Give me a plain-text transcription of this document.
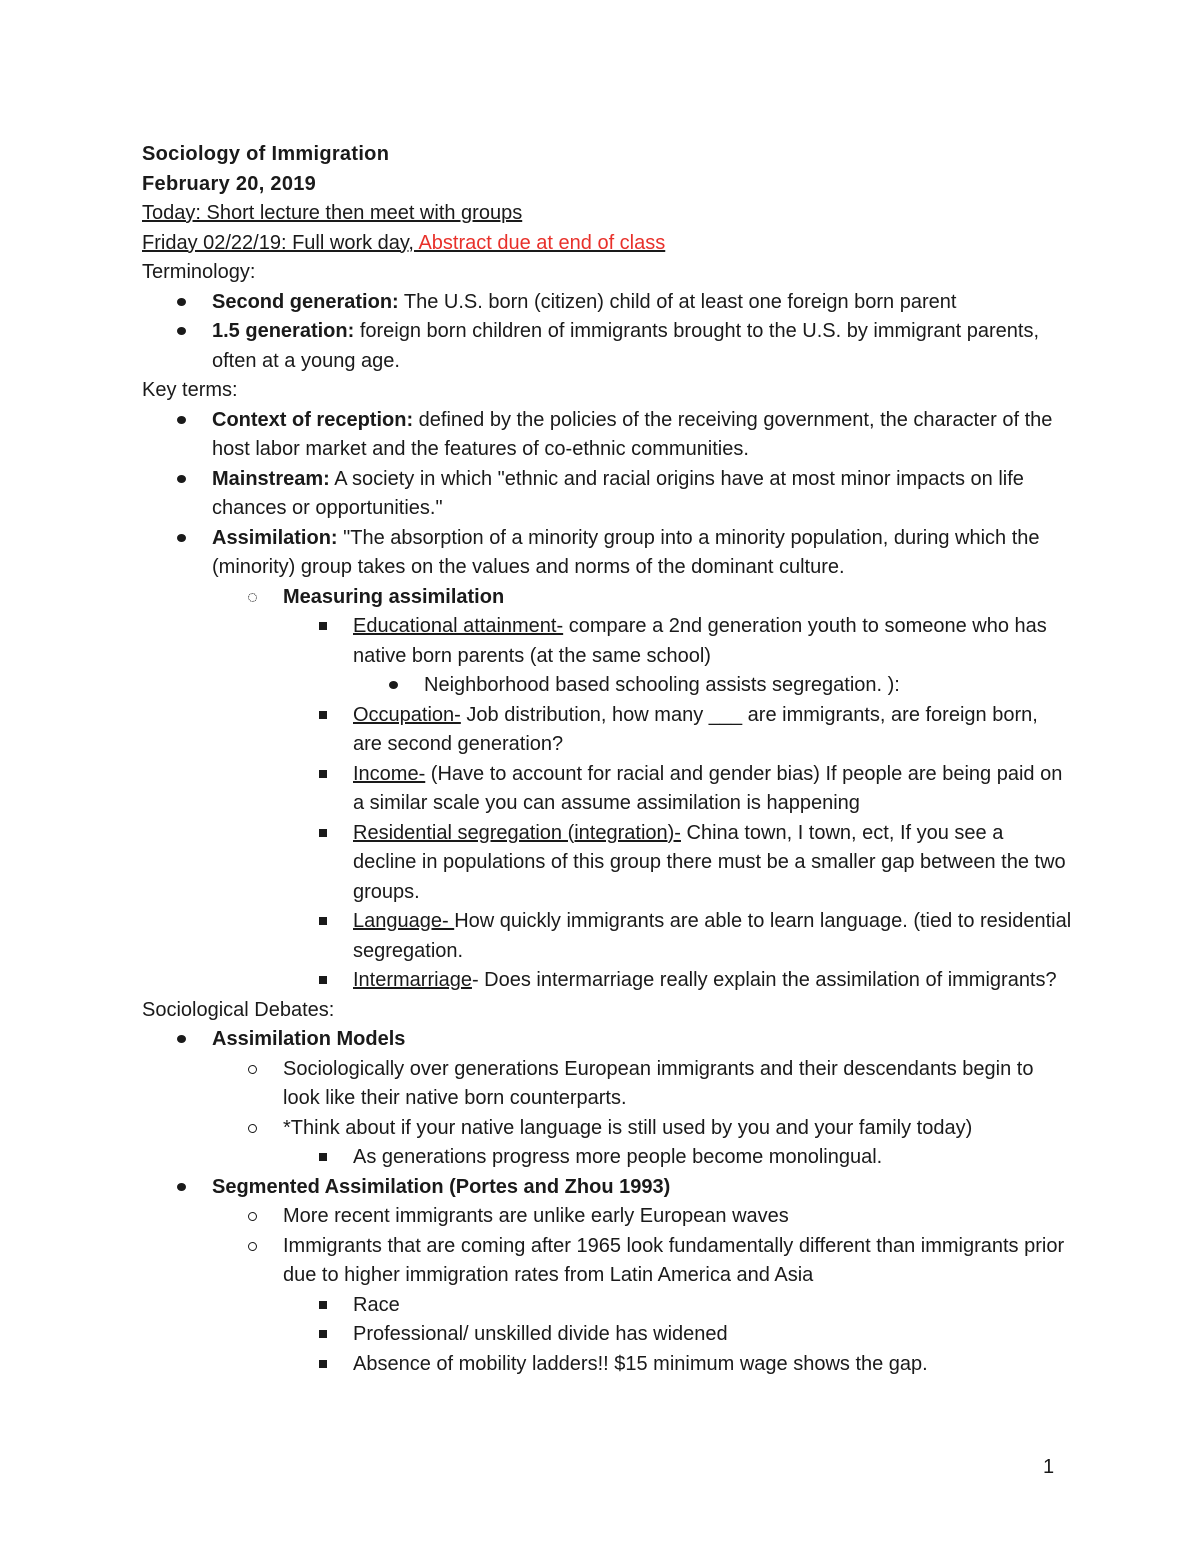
Sociology of Immigration

February 20, 2019

Today: Short lecture then meet with groups

Friday 02/22/19: Full work day, Abstract due at end of class

Terminology:

Second generation: The U.S. born (citizen) child of at least one foreign born parent
1.5 generation: foreign born children of immigrants brought to the U.S. by immigrant parents, often at a young age.

Key terms:

Context of reception: defined by the policies of the receiving government, the character of the host labor market and the features of co-ethnic communities.
Mainstream: A society in which "ethnic and racial origins have at most minor impacts on life chances or opportunities."
Assimilation: "The absorption of a minority group into a minority population, during which the (minority) group takes on the values and norms of the dominant culture.
Measuring assimilation
Educational attainment- compare a 2nd generation youth to someone who has native born parents (at the same school)
Neighborhood based schooling assists segregation. ):
Occupation- Job distribution, how many ___ are immigrants, are foreign born, are second generation?
Income- (Have to account for racial and gender bias) If people are being paid on a similar scale you can assume assimilation is happening
Residential segregation (integration)- China town, I town, ect, If you see a decline in populations of this group there must be a smaller gap between the two groups.
Language- How quickly immigrants are able to learn language. (tied to residential segregation.
Intermarriage- Does intermarriage really explain the assimilation of immigrants?

Sociological Debates:

Assimilation Models
Sociologically over generations European immigrants and their descendants begin to look like their native born counterparts.
*Think about if your native language is still used by you and your family today)
As generations progress more people become monolingual.
Segmented Assimilation (Portes and Zhou 1993)
More recent immigrants are unlike early European waves
Immigrants that are coming after 1965 look fundamentally different than immigrants prior due to higher immigration rates from Latin America and Asia
Race
Professional/ unskilled divide has widened
Absence of mobility ladders!! $15 minimum wage shows the gap.
1
